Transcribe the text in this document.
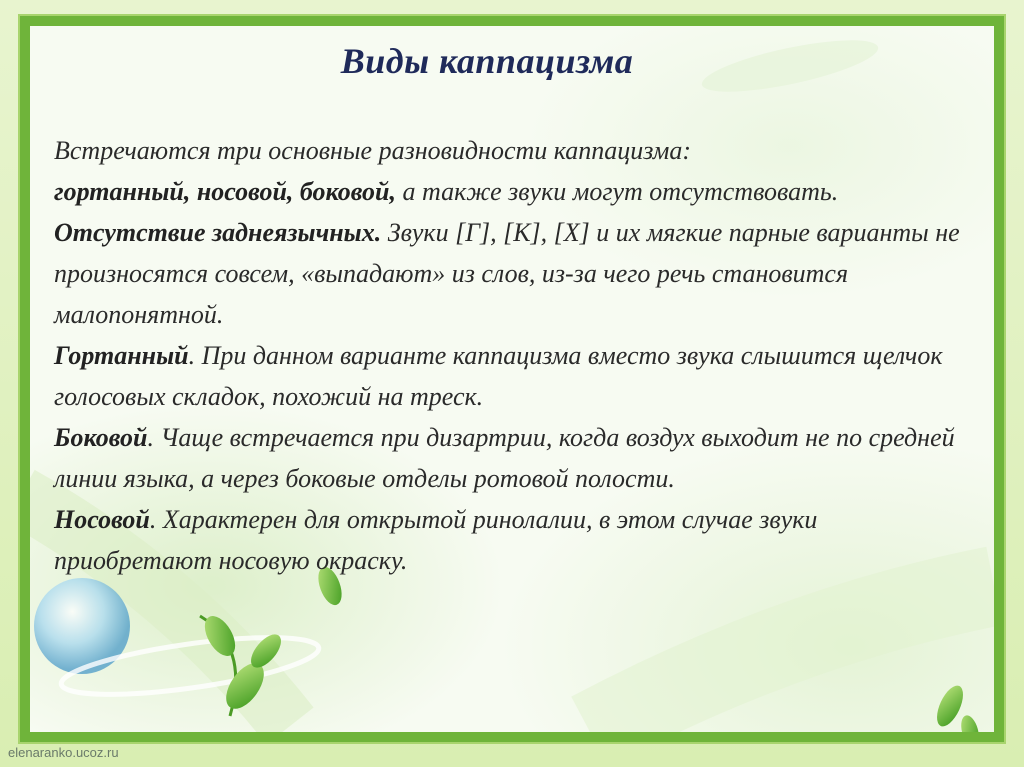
Виды каппацизма

Встречаются три основные разновидности каппацизма:

гортанный, носовой, боковой, а также звуки могут отсутствовать.

Отсутствие заднеязычных. Звуки [Г], [К], [Х] и их мягкие парные варианты не произносятся совсем, «выпадают» из слов, из-за чего речь становится малопонятной.

Гортанный. При данном варианте каппацизма вместо звука слышится щелчок голосовых складок, похожий на треск.

Боковой. Чаще встречается при дизартрии, когда воздух выходит не по средней линии языка, а через боковые отделы ротовой полости.

Носовой. Характерен для открытой ринолалии, в этом случае звуки приобретают носовую окраску.

elenaranko.ucoz.ru
